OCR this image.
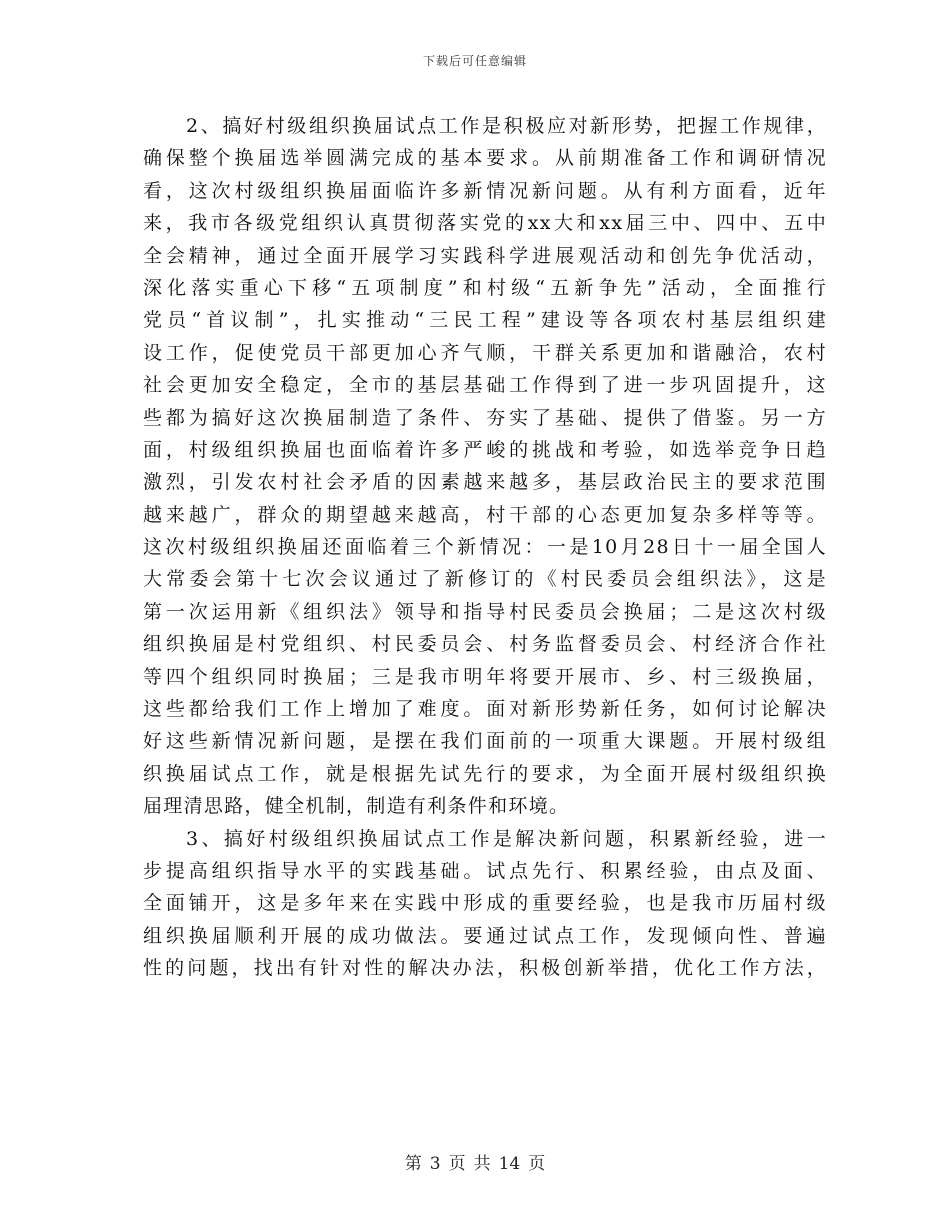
下载后可任意编辑
2、搞好村级组织换届试点工作是积极应对新形势，把握工作规律，
确保整个换届选举圆满完成的基本要求。从前期准备工作和调研情况
看，这次村级组织换届面临许多新情况新问题。从有利方面看，近年
来，我市各级党组织认真贯彻落实党的xx大和xx届三中、四中、五中
全会精神，通过全面开展学习实践科学进展观活动和创先争优活动，
深化落实重心下移“五项制度”和村级“五新争先”活动，全面推行
党员“首议制”，扎实推动“三民工程”建设等各项农村基层组织建
设工作，促使党员干部更加心齐气顺，干群关系更加和谐融洽，农村
社会更加安全稳定，全市的基层基础工作得到了进一步巩固提升，这
些都为搞好这次换届制造了条件、夯实了基础、提供了借鉴。另一方
面，村级组织换届也面临着许多严峻的挑战和考验，如选举竞争日趋
激烈，引发农村社会矛盾的因素越来越多，基层政治民主的要求范围
越来越广，群众的期望越来越高，村干部的心态更加复杂多样等等。
这次村级组织换届还面临着三个新情况：一是10月28日十一届全国人
大常委会第十七次会议通过了新修订的《村民委员会组织法》，这是
第一次运用新《组织法》领导和指导村民委员会换届；二是这次村级
组织换届是村党组织、村民委员会、村务监督委员会、村经济合作社
等四个组织同时换届；三是我市明年将要开展市、乡、村三级换届，
这些都给我们工作上增加了难度。面对新形势新任务，如何讨论解决
好这些新情况新问题，是摆在我们面前的一项重大课题。开展村级组
织换届试点工作，就是根据先试先行的要求，为全面开展村级组织换
届理清思路，健全机制，制造有利条件和环境。
3、搞好村级组织换届试点工作是解决新问题，积累新经验，进一
步提高组织指导水平的实践基础。试点先行、积累经验，由点及面、
全面铺开，这是多年来在实践中形成的重要经验，也是我市历届村级
组织换届顺利开展的成功做法。要通过试点工作，发现倾向性、普遍
性的问题，找出有针对性的解决办法，积极创新举措，优化工作方法，
第 3 页 共 14 页
